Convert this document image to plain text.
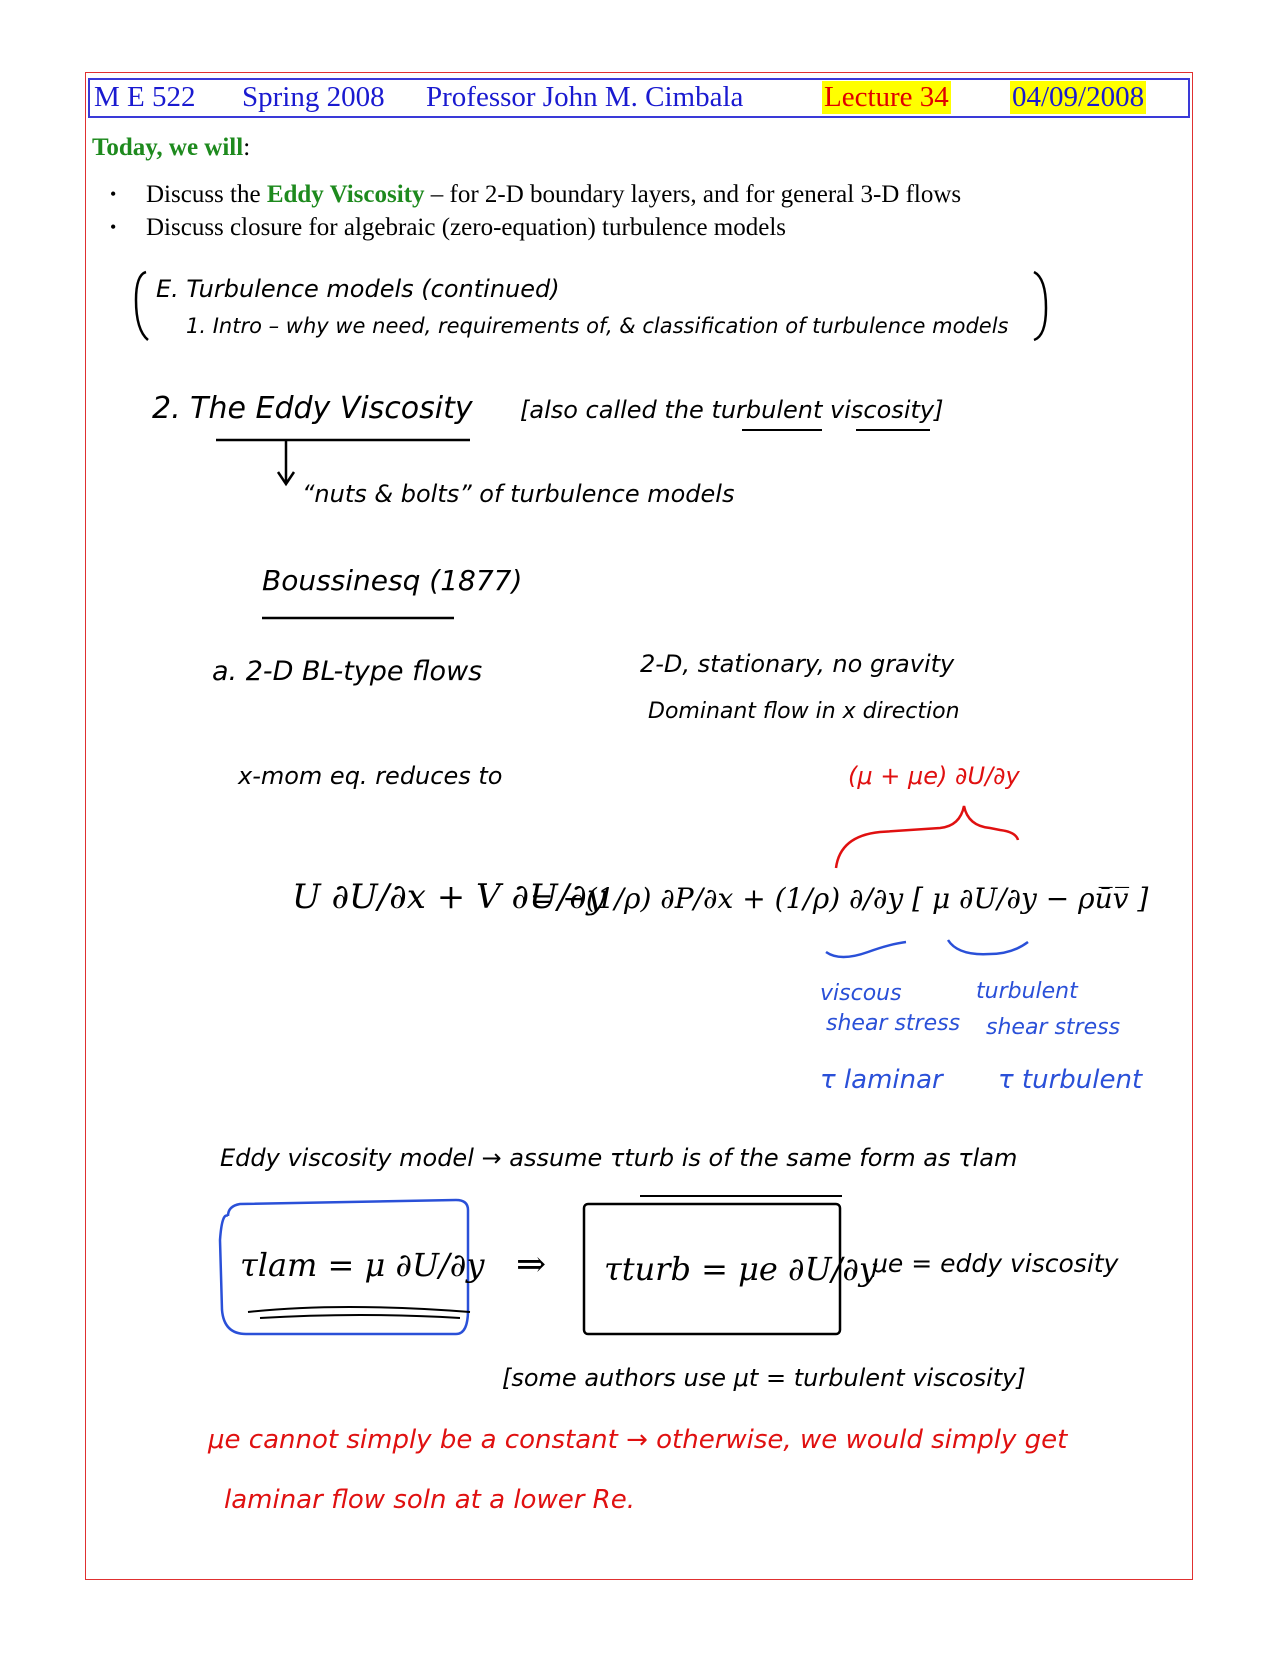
M E 522 Spring 2008 Professor John M. Cimbala	Lecture 34 04/09/2008
Today, we will:
• Discuss the Eddy Viscosity – for 2-D boundary layers, and for general 3-D flows
• Discuss closure for algebraic (zero-equation) turbulence models
E. Turbulence models (continued)
1. Intro – why we need, requirements of, & classification of turbulence models
2. The Eddy Viscosity [also called the turbulent viscosity]
“nuts & bolts” of turbulence models
Boussinesq (1877)
a. 2-D BL-type flows	2-D, stationary, no gravity
Dominant flow in x direction
x-mom eq. reduces to	(μ + μe) ∂U/∂y
U ∂U/∂x + V ∂U/∂y
= −(1/ρ) ∂P/∂x + (1/ρ) ∂/∂y [ μ ∂U/∂y − ρū̅v̅ ]
viscous
shear stress
τ laminar
turbulent
shear stress
τ turbulent
Eddy viscosity model → assume τturb is of the same form as τlam
τlam = μ ∂U/∂y ⇒ τturb = μe ∂U/∂y
μe = eddy viscosity
[some authors use μt = turbulent viscosity]
μe cannot simply be a constant → otherwise, we would simply get
laminar flow soln at a lower Re.
